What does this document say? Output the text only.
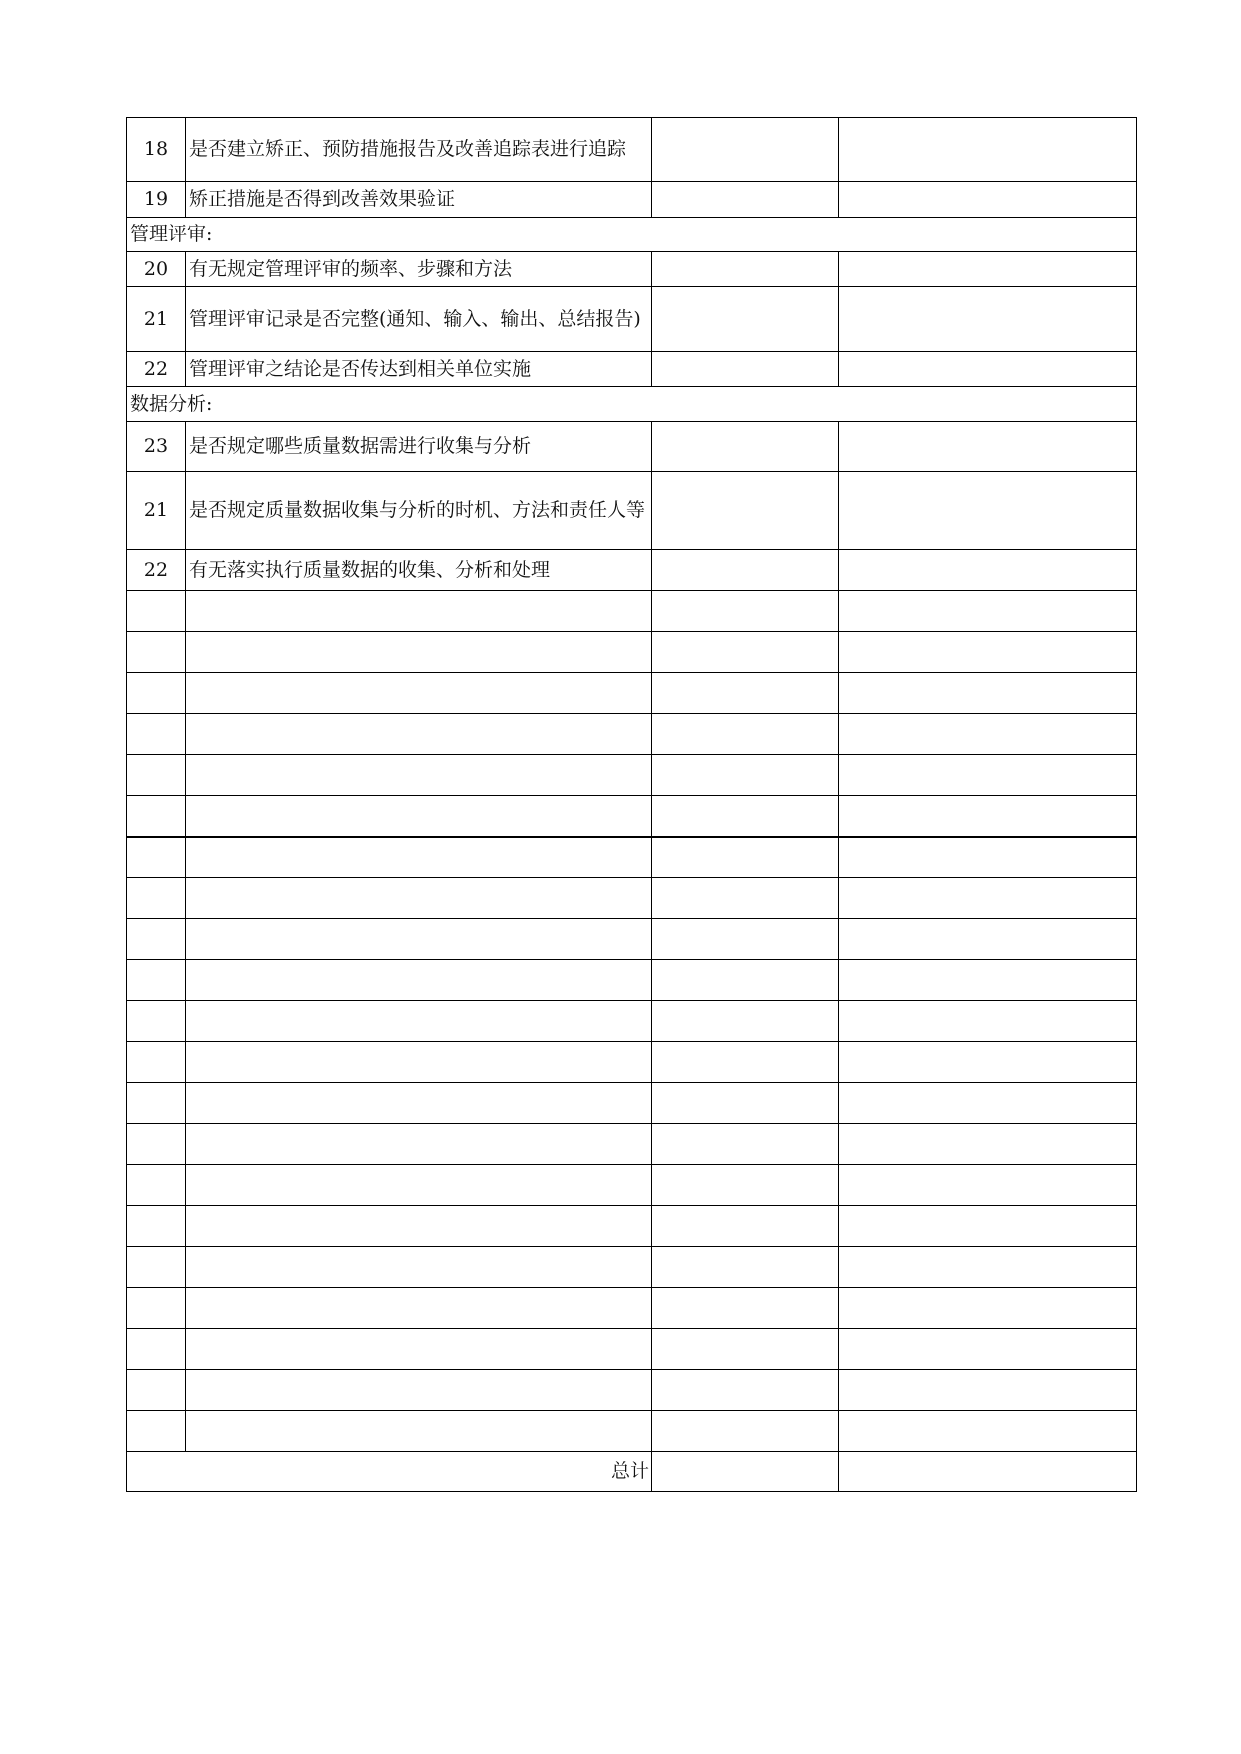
18	是否建立矫正、预防措施报告及改善追踪表进行追踪		
19	矫正措施是否得到改善效果验证		
管理评审:			
20	有无规定管理评审的频率、步骤和方法		
21	管理评审记录是否完整(通知、输入、输出、总结报告)		
22	管理评审之结论是否传达到相关单位实施		
数据分析:			
23	是否规定哪些质量数据需进行收集与分析		
21	是否规定质量数据收集与分析的时机、方法和责任人等		
22	有无落实执行质量数据的收集、分析和处理		

总计			
